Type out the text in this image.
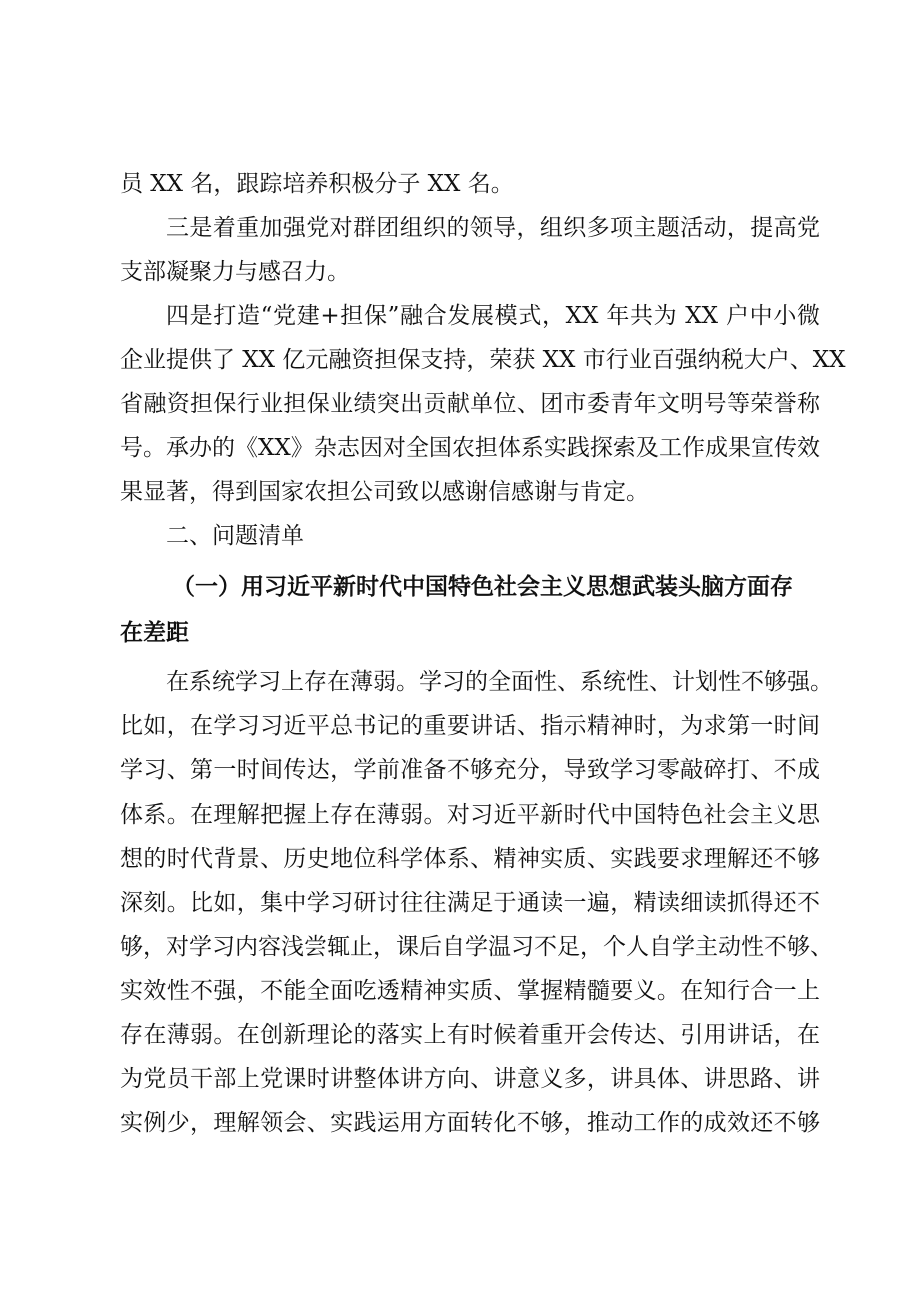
员 XX 名，跟踪培养积极分子 XX 名。
三是着重加强党对群团组织的领导，组织多项主题活动，提高党
支部凝聚力与感召力。
四是打造“党建+担保”融合发展模式，XX 年共为 XX 户中小微
企业提供了 XX 亿元融资担保支持，荣获 XX 市行业百强纳税大户、XX
省融资担保行业担保业绩突出贡献单位、团市委青年文明号等荣誉称
号。承办的《XX》杂志因对全国农担体系实践探索及工作成果宣传效
果显著，得到国家农担公司致以感谢信感谢与肯定。
二、问题清单
（一）用习近平新时代中国特色社会主义思想武装头脑方面存
在差距
在系统学习上存在薄弱。学习的全面性、系统性、计划性不够强。
比如，在学习习近平总书记的重要讲话、指示精神时，为求第一时间
学习、第一时间传达，学前准备不够充分，导致学习零敲碎打、不成
体系。在理解把握上存在薄弱。对习近平新时代中国特色社会主义思
想的时代背景、历史地位科学体系、精神实质、实践要求理解还不够
深刻。比如，集中学习研讨往往满足于通读一遍，精读细读抓得还不
够，对学习内容浅尝辄止，课后自学温习不足，个人自学主动性不够、
实效性不强，不能全面吃透精神实质、掌握精髓要义。在知行合一上
存在薄弱。在创新理论的落实上有时候着重开会传达、引用讲话，在
为党员干部上党课时讲整体讲方向、讲意义多，讲具体、讲思路、讲
实例少，理解领会、实践运用方面转化不够，推动工作的成效还不够
